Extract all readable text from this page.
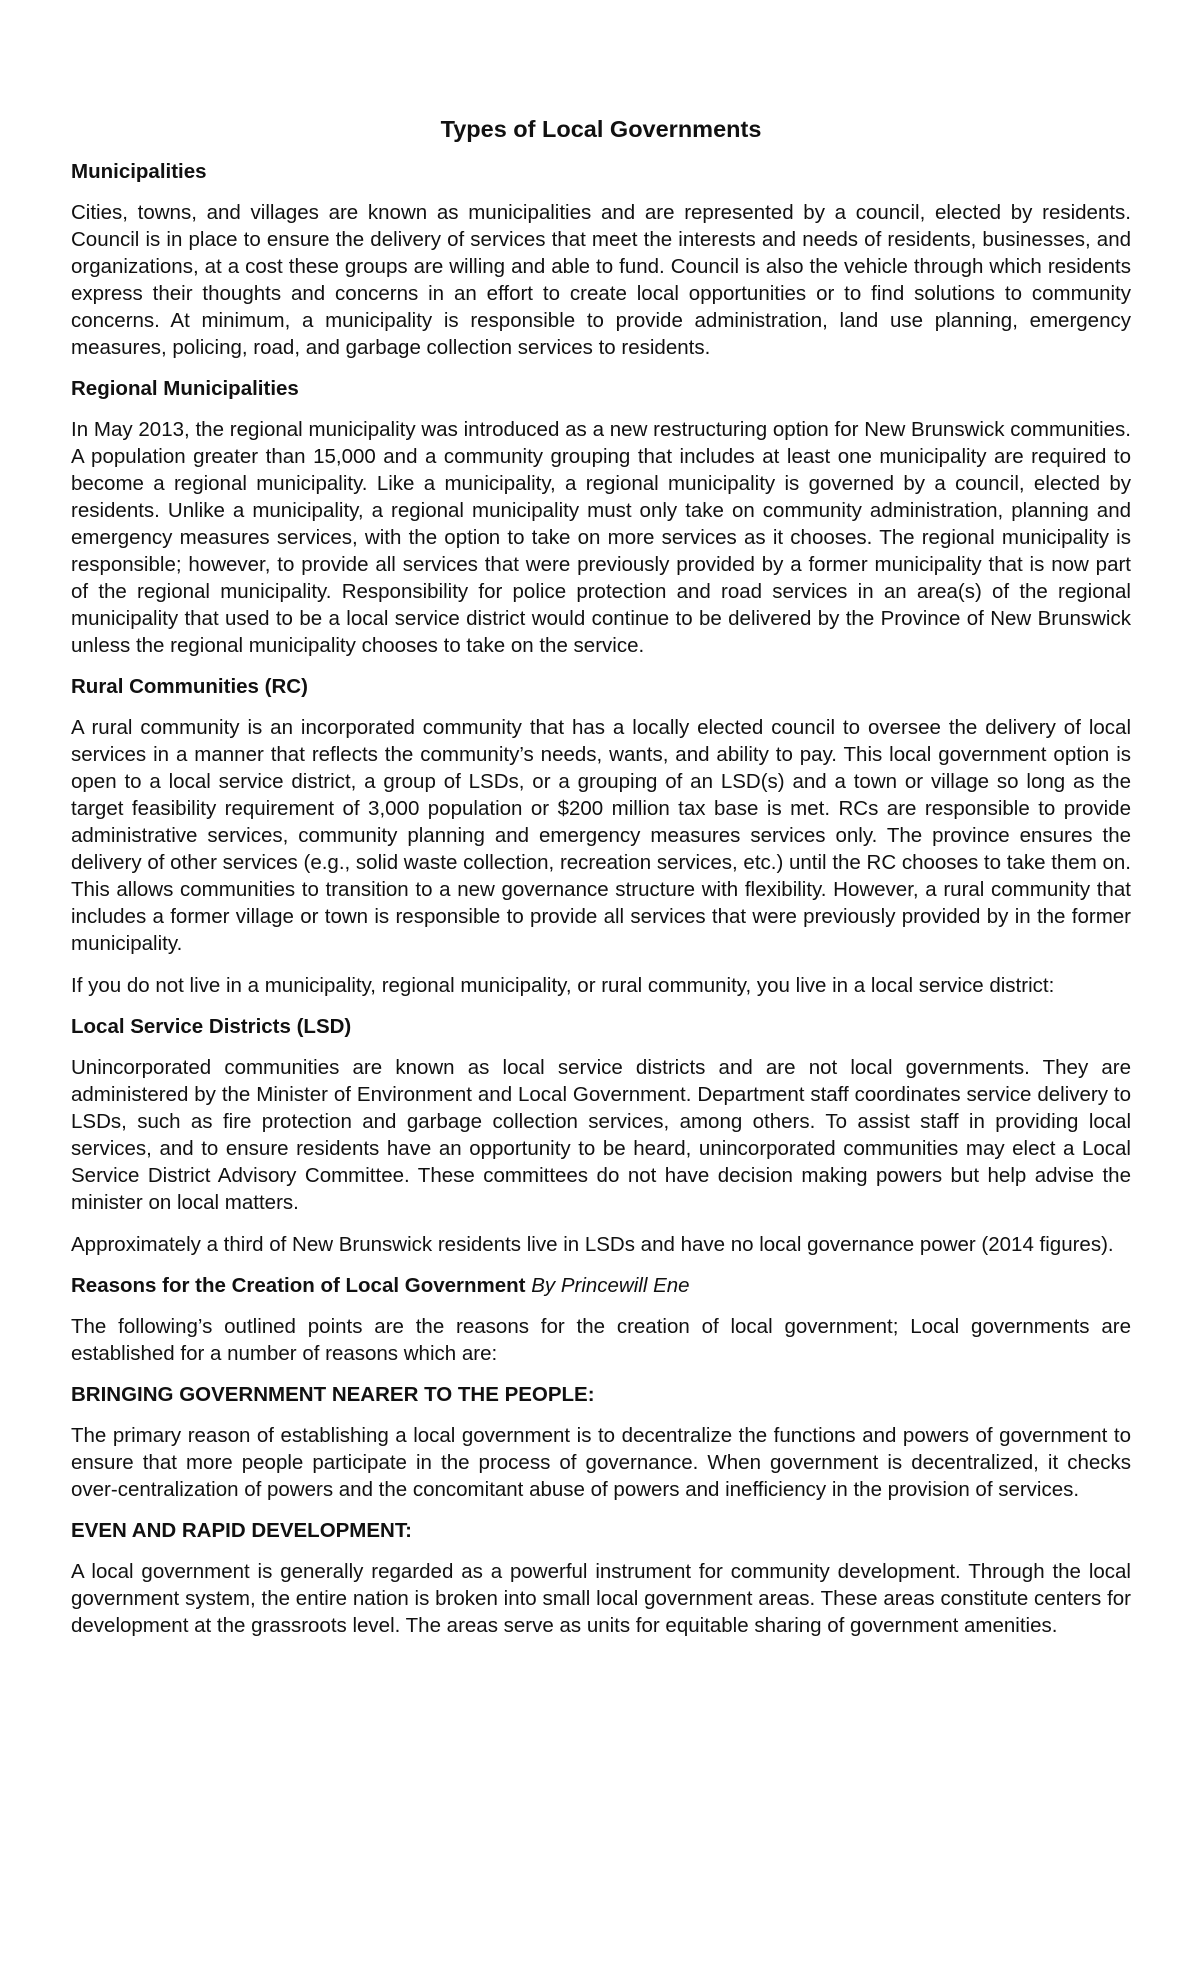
Types of Local Governments
Municipalities
Cities, towns, and villages are known as municipalities and are represented by a council, elected by residents. Council is in place to ensure the delivery of services that meet the interests and needs of residents, businesses, and organizations, at a cost these groups are willing and able to fund. Council is also the vehicle through which residents express their thoughts and concerns in an effort to create local opportunities or to find solutions to community concerns. At minimum, a municipality is responsible to provide administration, land use planning, emergency measures, policing, road, and garbage collection services to residents.
Regional Municipalities
In May 2013, the regional municipality was introduced as a new restructuring option for New Brunswick communities. A population greater than 15,000 and a community grouping that includes at least one municipality are required to become a regional municipality. Like a municipality, a regional municipality is governed by a council, elected by residents. Unlike a municipality, a regional municipality must only take on community administration, planning and emergency measures services, with the option to take on more services as it chooses. The regional municipality is responsible; however, to provide all services that were previously provided by a former municipality that is now part of the regional municipality. Responsibility for police protection and road services in an area(s) of the regional municipality that used to be a local service district would continue to be delivered by the Province of New Brunswick unless the regional municipality chooses to take on the service.
Rural Communities (RC)
A rural community is an incorporated community that has a locally elected council to oversee the delivery of local services in a manner that reflects the community’s needs, wants, and ability to pay. This local government option is open to a local service district, a group of LSDs, or a grouping of an LSD(s) and a town or village so long as the target feasibility requirement of 3,000 population or $200 million tax base is met. RCs are responsible to provide administrative services, community planning and emergency measures services only. The province ensures the delivery of other services (e.g., solid waste collection, recreation services, etc.) until the RC chooses to take them on. This allows communities to transition to a new governance structure with flexibility. However, a rural community that includes a former village or town is responsible to provide all services that were previously provided by in the former municipality.
If you do not live in a municipality, regional municipality, or rural community, you live in a local service district:
Local Service Districts (LSD)
Unincorporated communities are known as local service districts and are not local governments. They are administered by the Minister of Environment and Local Government. Department staff coordinates service delivery to LSDs, such as fire protection and garbage collection services, among others. To assist staff in providing local services, and to ensure residents have an opportunity to be heard, unincorporated communities may elect a Local Service District Advisory Committee. These committees do not have decision making powers but help advise the minister on local matters.
Approximately a third of New Brunswick residents live in LSDs and have no local governance power (2014 figures).
Reasons for the Creation of Local Government By Princewill Ene
The following’s outlined points are the reasons for the creation of local government; Local governments are established for a number of reasons which are:
BRINGING GOVERNMENT NEARER TO THE PEOPLE:
The primary reason of establishing a local government is to decentralize the functions and powers of government to ensure that more people participate in the process of governance. When government is decentralized, it checks over-centralization of powers and the concomitant abuse of powers and inefficiency in the provision of services.
EVEN AND RAPID DEVELOPMENT:
A local government is generally regarded as a powerful instrument for community development. Through the local government system, the entire nation is broken into small local government areas. These areas constitute centers for development at the grassroots level. The areas serve as units for equitable sharing of government amenities.
